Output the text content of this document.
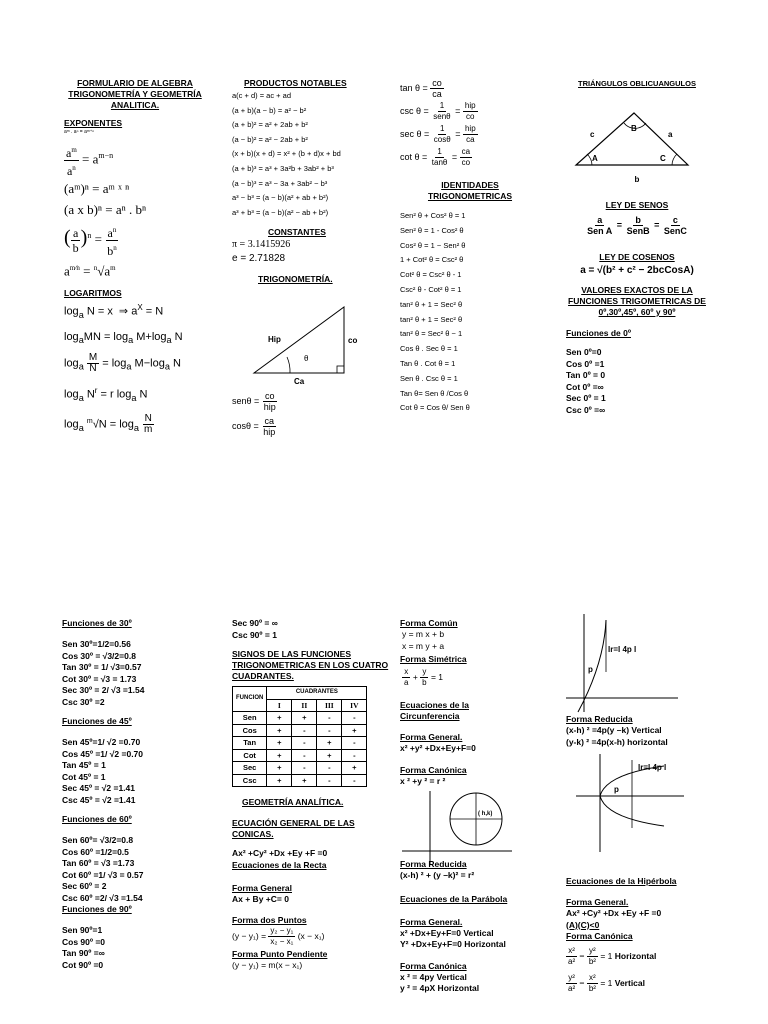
FORMULARIO DE ALGEBRA TRIGONOMETRÍA Y GEOMETRÍA ANALITICA.
EXPONENTES
aᵐ . aⁿ = aᵐ⁺ⁿ
$\frac{a^m}{a^n} = a^{m-n}$
(aᵐ)ⁿ = aᵐ ˣ ⁿ
(a x b)ⁿ = aⁿ . bⁿ
( $\frac{a}{b} )^n = \frac{a^n}{b^n}$
$a^{m⁄n} = ^n√a^m$
LOGARITMOS
$\log_a N = x$  ⇒ $a^X = N$
$\log_aMN = \log_a M+\log_a$ N
$\log_a \frac{M}{N} = \log_a M-\log_a$ N
$\log_a N^r = r$ $\log_a N$
$\log_a ^m√N = \log_a \frac{N}{m}$
PRODUCTOS NOTABLES
a(c + d) = ac + ad
(a + b)(a − b) = a² − b²
(a + b)² = a² + 2ab + b²
(a − b)² = a² − 2ab + b²
(x + b)(x + d) = x² + (b + d)x + bd
(a + b)³ = a³ + 3a²b + 3ab² + b³
(a − b)³ = a³ − 3a + 3ab² − b³
a³ − b³ = (a − b)(a² + ab + b²)
a³ + b³ = (a − b)(a² − ab + b²)
CONSTANTES
π = 3.1415926
e = 2.71828
TRIGONOMETRÍA.
Hip	co
Ca
θ
$sen\theta = \frac{co}{\text{hip}}$
$\cos\theta = \frac{ca}{\text{hip}}$
$\tan \theta = \frac{co}{ca}$
$\csc \theta = \frac{1}{\text{senθ}} = \frac{\text{hip}}{co}$
$\sec \theta = \frac{1}{\cos\theta} = \frac{\text{hip}}{ca}$
$\cot \theta = \frac{1}{\tan\theta} = \frac{ca}{co}$
IDENTIDADES TRIGONOMETRICAS
Sen² θ + Cos² θ = 1
Sen² θ = 1 - Cos² θ
Cos² θ = 1 − Sen² θ
1 + Cot² θ = Csc² θ
Cot² θ = Csc² θ - 1
Csc² θ - Cot² θ = 1
tan² θ + 1 = Sec² θ
tan² θ + 1 = Sec² θ
tan² θ = Sec² θ − 1
Cos θ . Sec θ = 1
Tan θ . Cot θ = 1
Sen θ . Csc θ = 1
Tan θ= Sen θ /Cos θ
Cot θ = Cos θ/ Sen θ
TRIÁNGULOS OBLICUANGULOS
B
A	C
a
c
b
LEY DE SENOS
$\frac{a}{\text{Sen A}} = \frac{b}{\text{SenB}} = \frac{c}{\text{SenC}}$
LEY DE COSENOS
a = √(b² + c² − 2bcCosA)
VALORES EXACTOS DE LA FUNCIONES TRIGOMETRICAS DE 0º,30º,45º, 60º y 90º
Funciones de 0º
Sen 0º=0
Cos 0º =1
Tan 0º = 0
Cot 0º =∞
Sec 0º = 1
Csc 0º =∞
Funciones de 30º
Sen 30º=1/2=0.56
Cos 30º = √3/2=0.8
Tan 30º = 1/ √3=0.57
Cot 30º = √3 = 1.73
Sec 30º = 2/ √3 =1.54
Csc 30º =2
Funciones de 45º
Sen 45º=1/ √2 =0.70
Cos 45º =1/ √2 =0.70
Tan 45º = 1
Cot 45º = 1
Sec 45º = √2 =1.41
Csc 45º = √2 =1.41
Funciones de 60º
Sen 60º= √3/2=0.8
Cos 60º =1/2=0.5
Tan 60º = √3 =1.73
Cot 60º =1/ √3 = 0.57
Sec 60º = 2
Csc 60º =2/ √3 =1.54
Funciones de 90º
Sen 90º=1
Cos 90º =0
Tan 90º =∞
Cot 90º =0
Sec 90º = ∞
Csc 90º = 1
SIGNOS DE LAS FUNCIONES TRIGONOMETRICAS EN LOS CUATRO CUADRANTES.
FUNCION	CUADRANTES			
	I	II	III	IV
Sen	+	+	-	-
Cos	+	-	-	+
Tan	+	-	+	-
Cot	+	-	+	-
Sec	+	-	-	+
Csc	+	+	-	-
GEOMETRÍA ANALÍTICA.
ECUACIÓN GENERAL DE LAS CONICAS.
Ax² +Cy² +Dx +Ey +F =0
Ecuaciones de la Recta
Forma General
Ax + By +C= 0
Forma dos Puntos
$(y - y_1) = \frac{\text{y₂ − y₁}}{\text{x₂ − x₁}} (x - x_1)$
Forma Punto Pendiente
(y − y₁) = m(x − x₁)
Forma Común
y = m x + b
x = m y + a
Forma Simétrica
$\frac{x}{a} + \frac{y}{b} = 1$
Ecuaciones de la Circunferencia
Forma General.
x² +y² +Dx+Ey+F=0
Forma Canónica
x ² +y ² = r ²
( h,k)
Forma Reducida
(x-h) ² + (y –k)² = r²
Ecuaciones de la Parábola
Forma General.
x² +Dx+Ey+F=0 Vertical
Y² +Dx+Ey+F=0 Horizontal
Forma Canónica
x ² = 4py Vertical
y ² = 4pX Horizontal
lr=l 4p l
p
Forma Reducida
(x-h) ² =4p(y –k) Vertical
(y-k) ² =4p(x-h) horizontal
lr=l 4p l
p
Ecuaciones de la Hipérbola
Forma General.
Ax² +Cy² +Dx +Ey +F =0
(A)(C)<0
Forma Canónica
$\frac{\text{x²}}{\text{a²}} - \frac{\text{y²}}{\text{b²}} = 1$ Horizontal
$\frac{\text{y²}}{\text{a²}} - \frac{\text{x²}}{\text{b²}} = 1$ Vertical
